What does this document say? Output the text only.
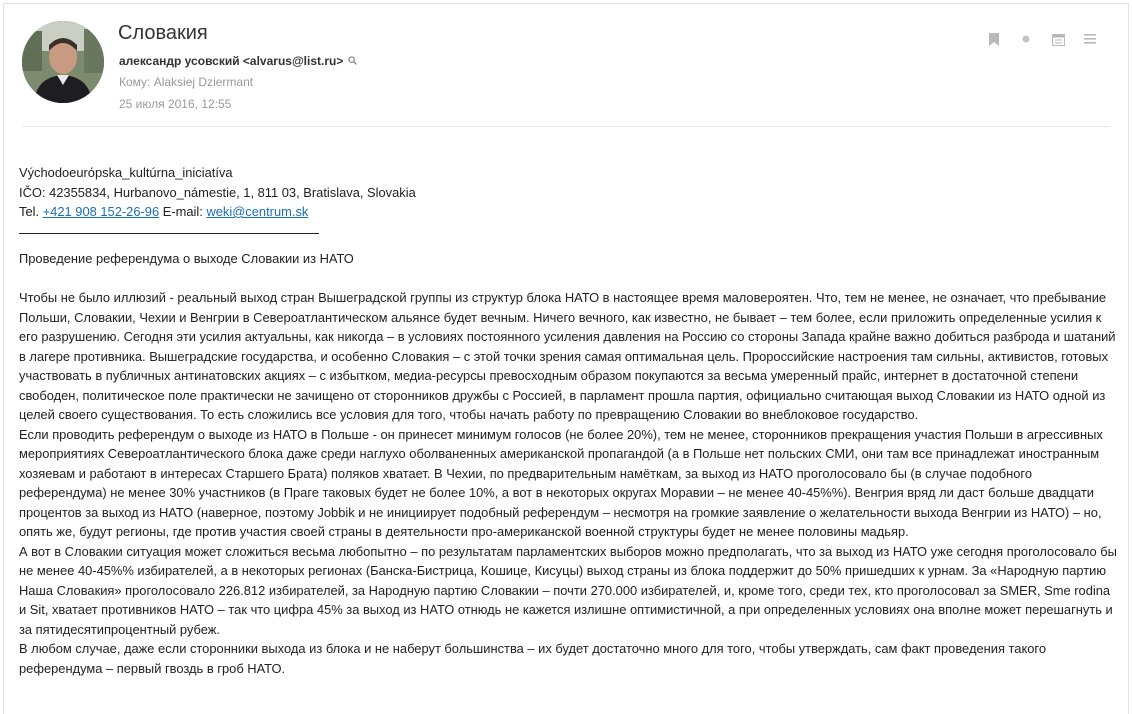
Словакия
александр усовский <alvarus@list.ru>
Кому: Alaksiej Dziermant
25 июля 2016, 12:55

Východoeurópska_kultúrna_iniciatíva

IČO: 42355834, Hurbanovo_námestie, 1, 811 03, Bratislava, Slovakia

Tel. +421 908 152-26-96 E-mail: weki@centrum.sk

Проведение референдума о выходе Словакии из НАТО

Чтобы не было иллюзий - реальный выход стран Вышеградской группы из структур блока НАТО в настоящее время маловероятен. Что, тем не менее, не означает, что пребывание Польши, Словакии, Чехии и Венгрии в Североатлантическом альянсе будет вечным. Ничего вечного, как известно, не бывает – тем более, если приложить определенные усилия к его разрушению. Сегодня эти усилия актуальны, как никогда – в условиях постоянного усиления давления на Россию со стороны Запада крайне важно добиться разброда и шатаний в лагере противника. Вышеградские государства, и особенно Словакия – с этой точки зрения самая оптимальная цель. Пророссийские настроения там сильны, активистов, готовых участвовать в публичных антинатовских акциях – с избытком, медиа-ресурсы превосходным образом покупаются за весьма умеренный прайс, интернет в достаточной степени свободен, политическое поле практически не зачищено от сторонников дружбы с Россией, в парламент прошла партия, официально считающая выход Словакии из НАТО одной из целей своего существования. То есть сложились все условия для того, чтобы начать работу по превращению Словакии во внеблоковое государство.

Если проводить референдум о выходе из НАТО в Польше - он принесет минимум голосов (не более 20%), тем не менее, сторонников прекращения участия Польши в агрессивных мероприятиях Североатлантического блока даже среди наглухо оболваненных американской пропагандой (а в Польше нет польских СМИ, они там все принадлежат иностранным хозяевам и работают в интересах Старшего Брата) поляков хватает. В Чехии, по предварительным намёткам, за выход из НАТО проголосовало бы (в случае подобного референдума) не менее 30% участников (в Праге таковых будет не более 10%, а вот в некоторых округах Моравии – не менее 40-45%%). Венгрия вряд ли даст больше двадцати процентов за выход из НАТО (наверное, поэтому Jobbik и не инициирует подобный референдум – несмотря на громкие заявление о желательности выхода Венгрии из НАТО) – но, опять же, будут регионы, где против участия своей страны в деятельности про-американской военной структуры будет не менее половины мадьяр.

А вот в Словакии ситуация может сложиться весьма любопытно – по результатам парламентских выборов можно предполагать, что за выход из НАТО уже сегодня проголосовало бы не менее 40-45%% избирателей, а в некоторых регионах (Банска-Бистрица, Кошице, Кисуцы) выход страны из блока поддержит до 50% пришедших к урнам. За «Народную партию Наша Словакия» проголосовало 226.812 избирателей, за Народную партию Словакии – почти 270.000 избирателей, и, кроме того, среди тех, кто проголосовал за SMER, Sme rodina и Sit, хватает противников НАТО – так что цифра 45% за выход из НАТО отнюдь не кажется излишне оптимистичной, а при определенных условиях она вполне может перешагнуть и за пятидесятипроцентный рубеж.

В любом случае, даже если сторонники выхода из блока и не наберут большинства – их будет достаточно много для того, чтобы утверждать, сам факт проведения такого референдума – первый гвоздь в гроб НАТО.
